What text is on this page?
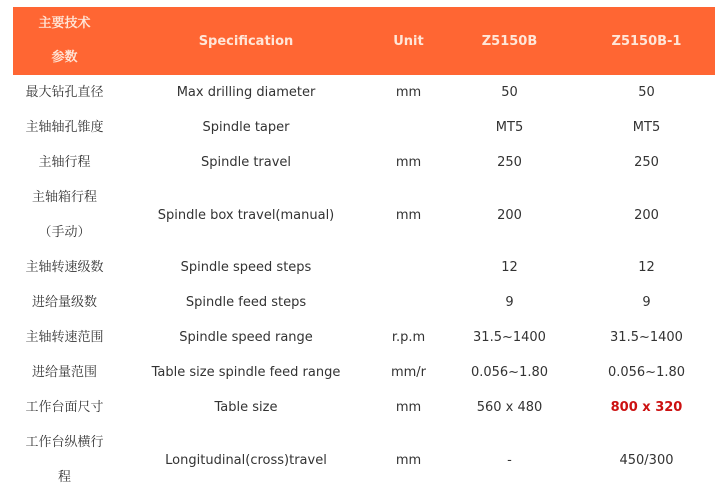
主要技术参数	Specification	Unit	Z5150B	Z5150B-1
最大钻孔直径	Max drilling diameter	mm	50	50
主轴轴孔锥度	Spindle taper		MT5	MT5
主轴行程	Spindle travel	mm	250	250
主轴箱行程（手动）	Spindle box travel(manual)	mm	200	200
主轴转速级数	Spindle speed steps		12	12
进给量级数	Spindle feed steps		9	9
主轴转速范围	Spindle speed range	r.p.m	31.5~1400	31.5~1400
进给量范围	Table size spindle feed range	mm/r	0.056~1.80	0.056~1.80
工作台面尺寸	Table size	mm	560 x 480	800 x 320
工作台纵横行程	Longitudinal(cross)travel	mm	-	450/300
